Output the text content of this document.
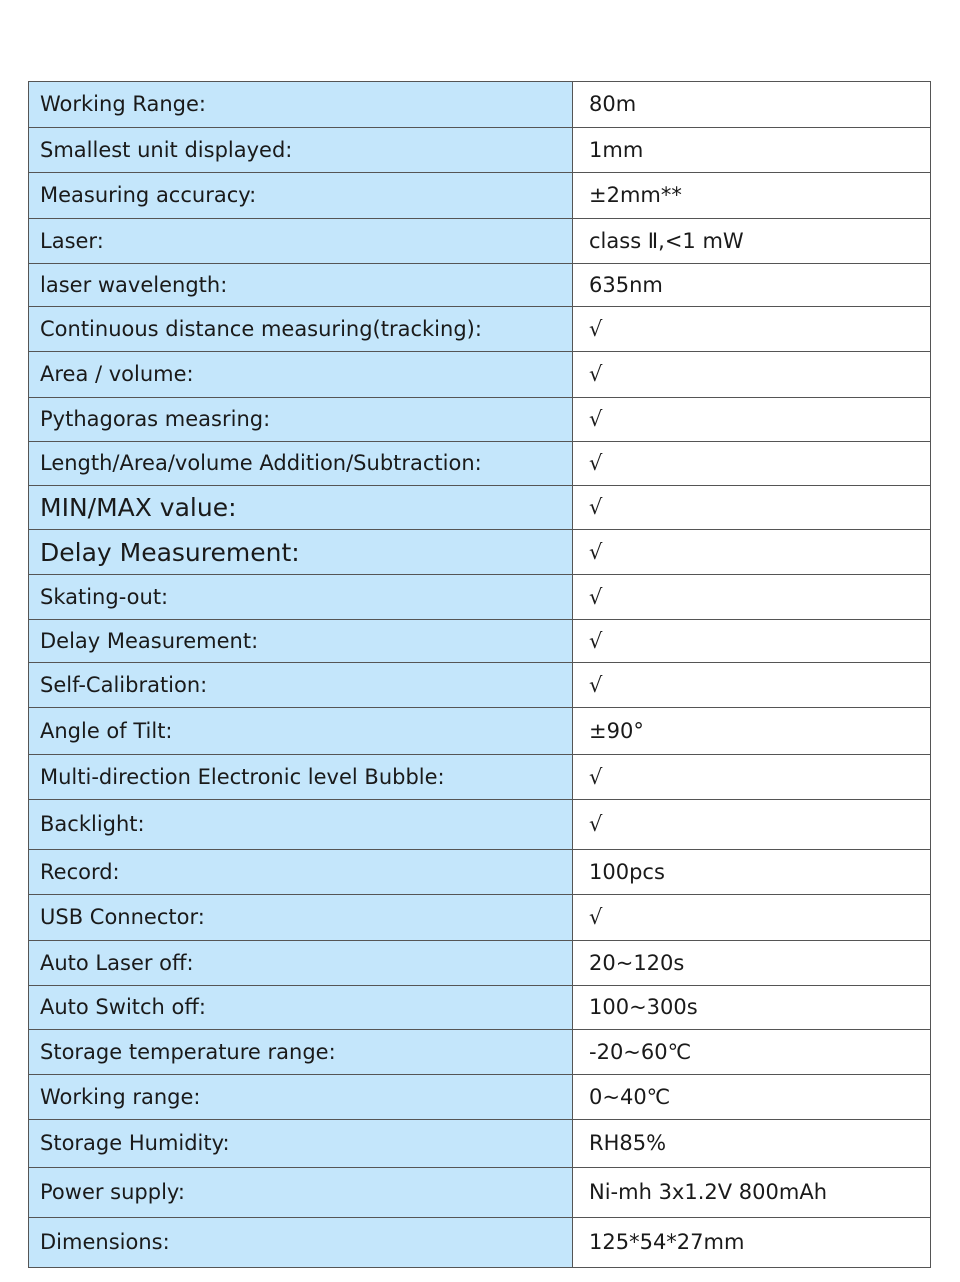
Working Range:	80m
Smallest unit displayed:	1mm
Measuring accuracy:	±2mm**
Laser:	class Ⅱ,<1 mW
laser wavelength:	635nm
Continuous distance measuring(tracking):	√
Area / volume:	√
Pythagoras measring:	√
Length/Area/volume Addition/Subtraction:	√
MIN/MAX value:	√
Delay Measurement:	√
Skating-out:	√
Delay Measurement:	√
Self-Calibration:	√
Angle of Tilt:	±90°
Multi-direction Electronic level Bubble:	√
Backlight:	√
Record:	100pcs
USB Connector:	√
Auto Laser off:	20~120s
Auto Switch off:	100~300s
Storage temperature range:	-20~60℃
Working range:	0~40℃
Storage Humidity:	RH85%
Power supply:	Ni-mh 3x1.2V 800mAh
Dimensions:	125*54*27mm
